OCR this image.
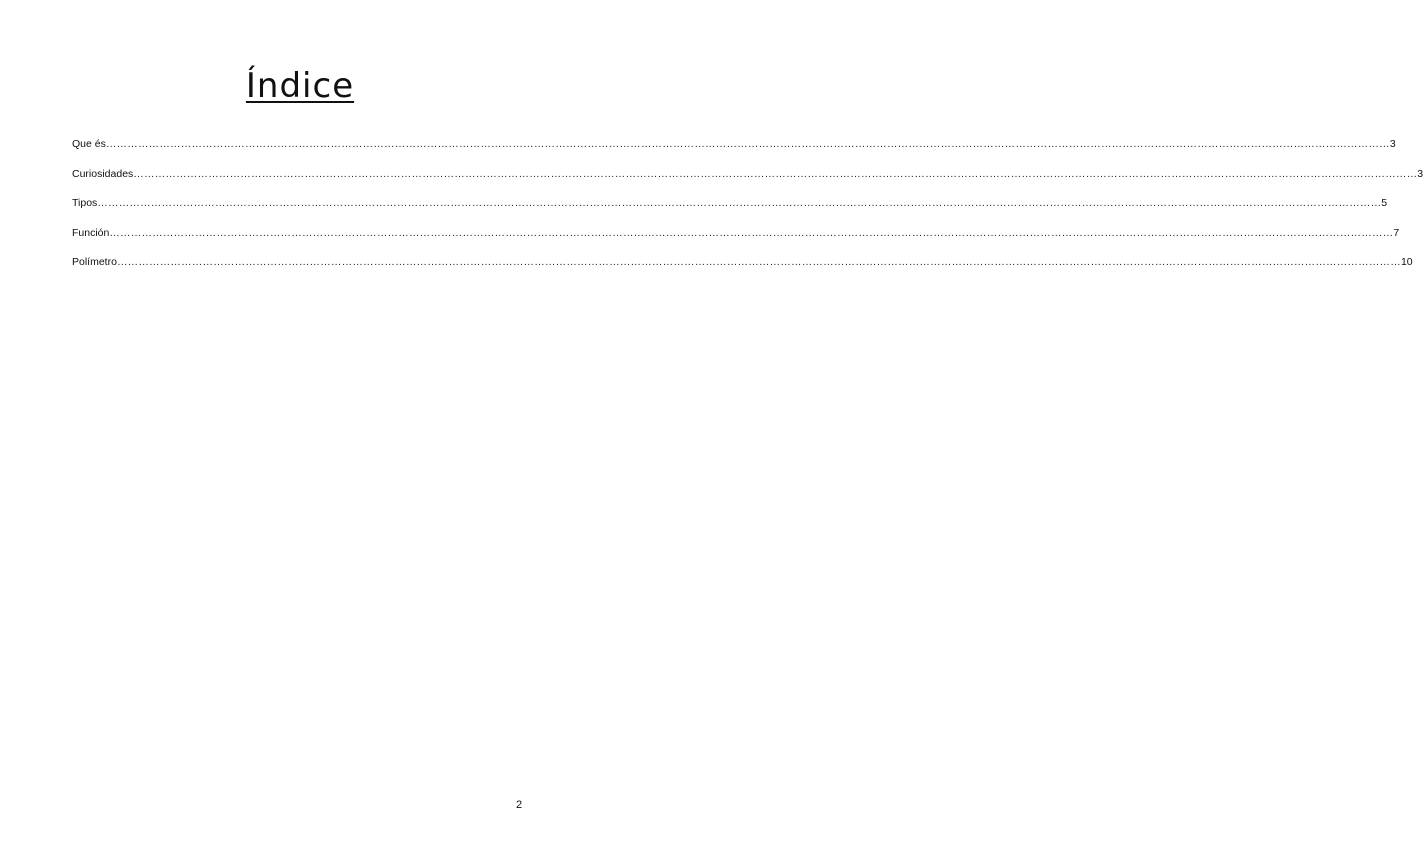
Índice
Que és ……………………………………………………………………………………………………………………………………………………………………………………………………………………………………………………………………………………………………………………………… 3
Curiosidades ……………………………………………………………………………………………………………………………………………………………………………………………………………………………………………………………………………………………………………………………… 3
Tipos ……………………………………………………………………………………………………………………………………………………………………………………………………………………………………………………………………………………………………………………………… 5
Función ……………………………………………………………………………………………………………………………………………………………………………………………………………………………………………………………………………………………………………………………… 7
Polímetro ……………………………………………………………………………………………………………………………………………………………………………………………………………………………………………………………………………………………………………………………… 10
2
